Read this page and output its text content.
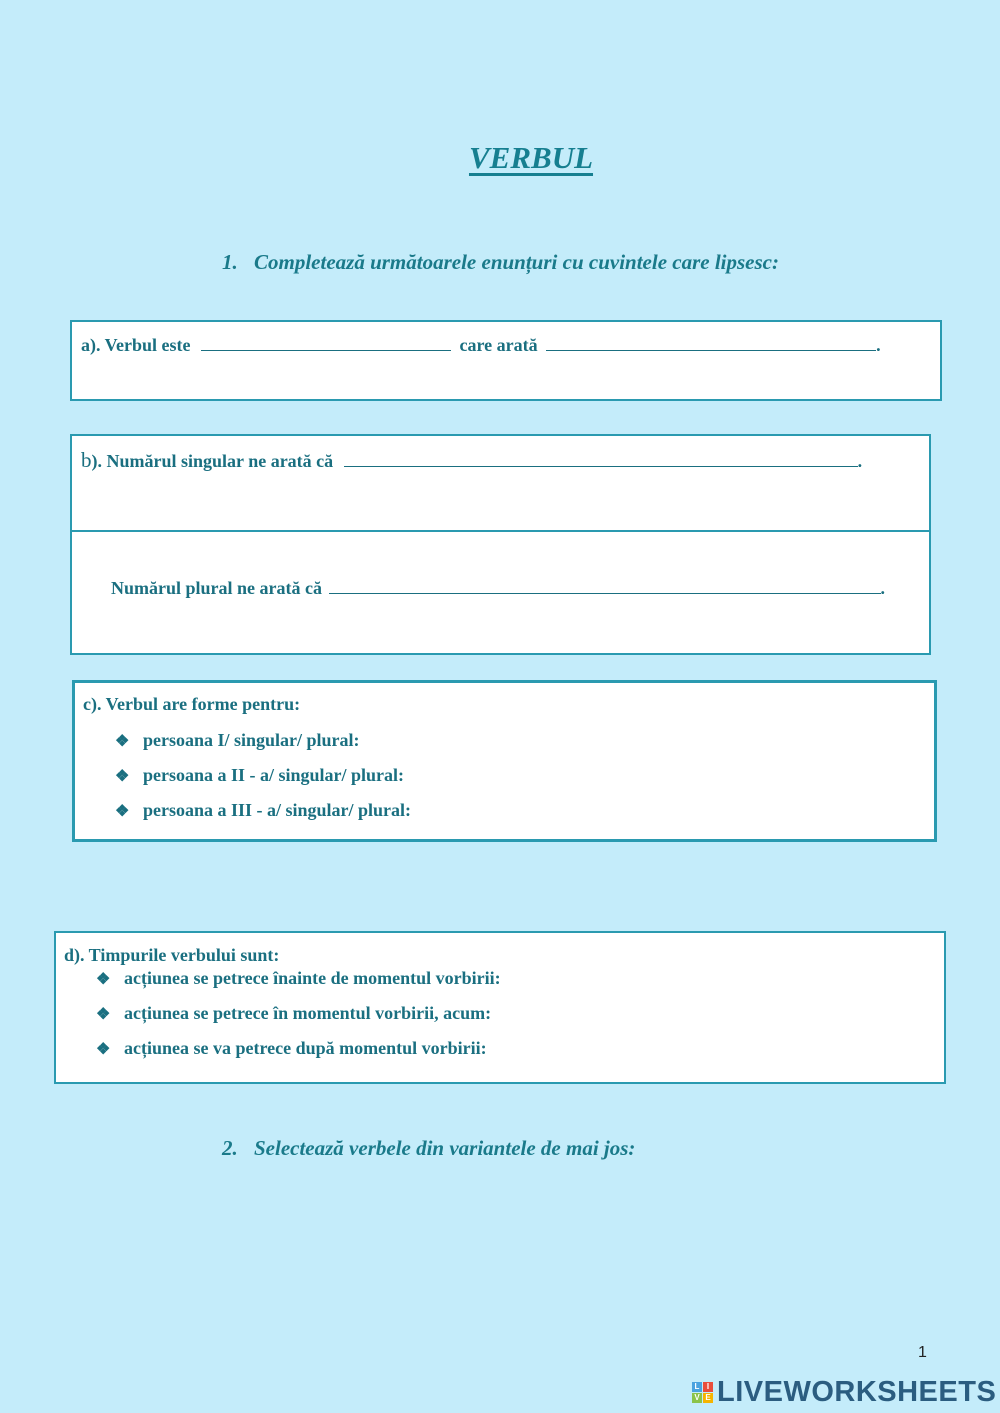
VERBUL
1. Completează următoarele enunțuri cu cuvintele care lipsesc:
a). Verbul este	care arată	.
b). Numărul singular ne arată că	.
Numărul plural ne arată că	.
c). Verbul are forme pentru:
❖ persoana I/ singular/ plural:
❖ persoana a II - a/ singular/ plural:
❖ persoana a III - a/ singular/ plural:
d). Timpurile verbului sunt:
❖ acțiunea se petrece înainte de momentul vorbirii:
❖ acțiunea se petrece în momentul vorbirii, acum:
❖ acțiunea se va petrece după momentul vorbirii:
2. Selectează verbele din variantele de mai jos:
1
L I
V E LIVEWORKSHEETS
